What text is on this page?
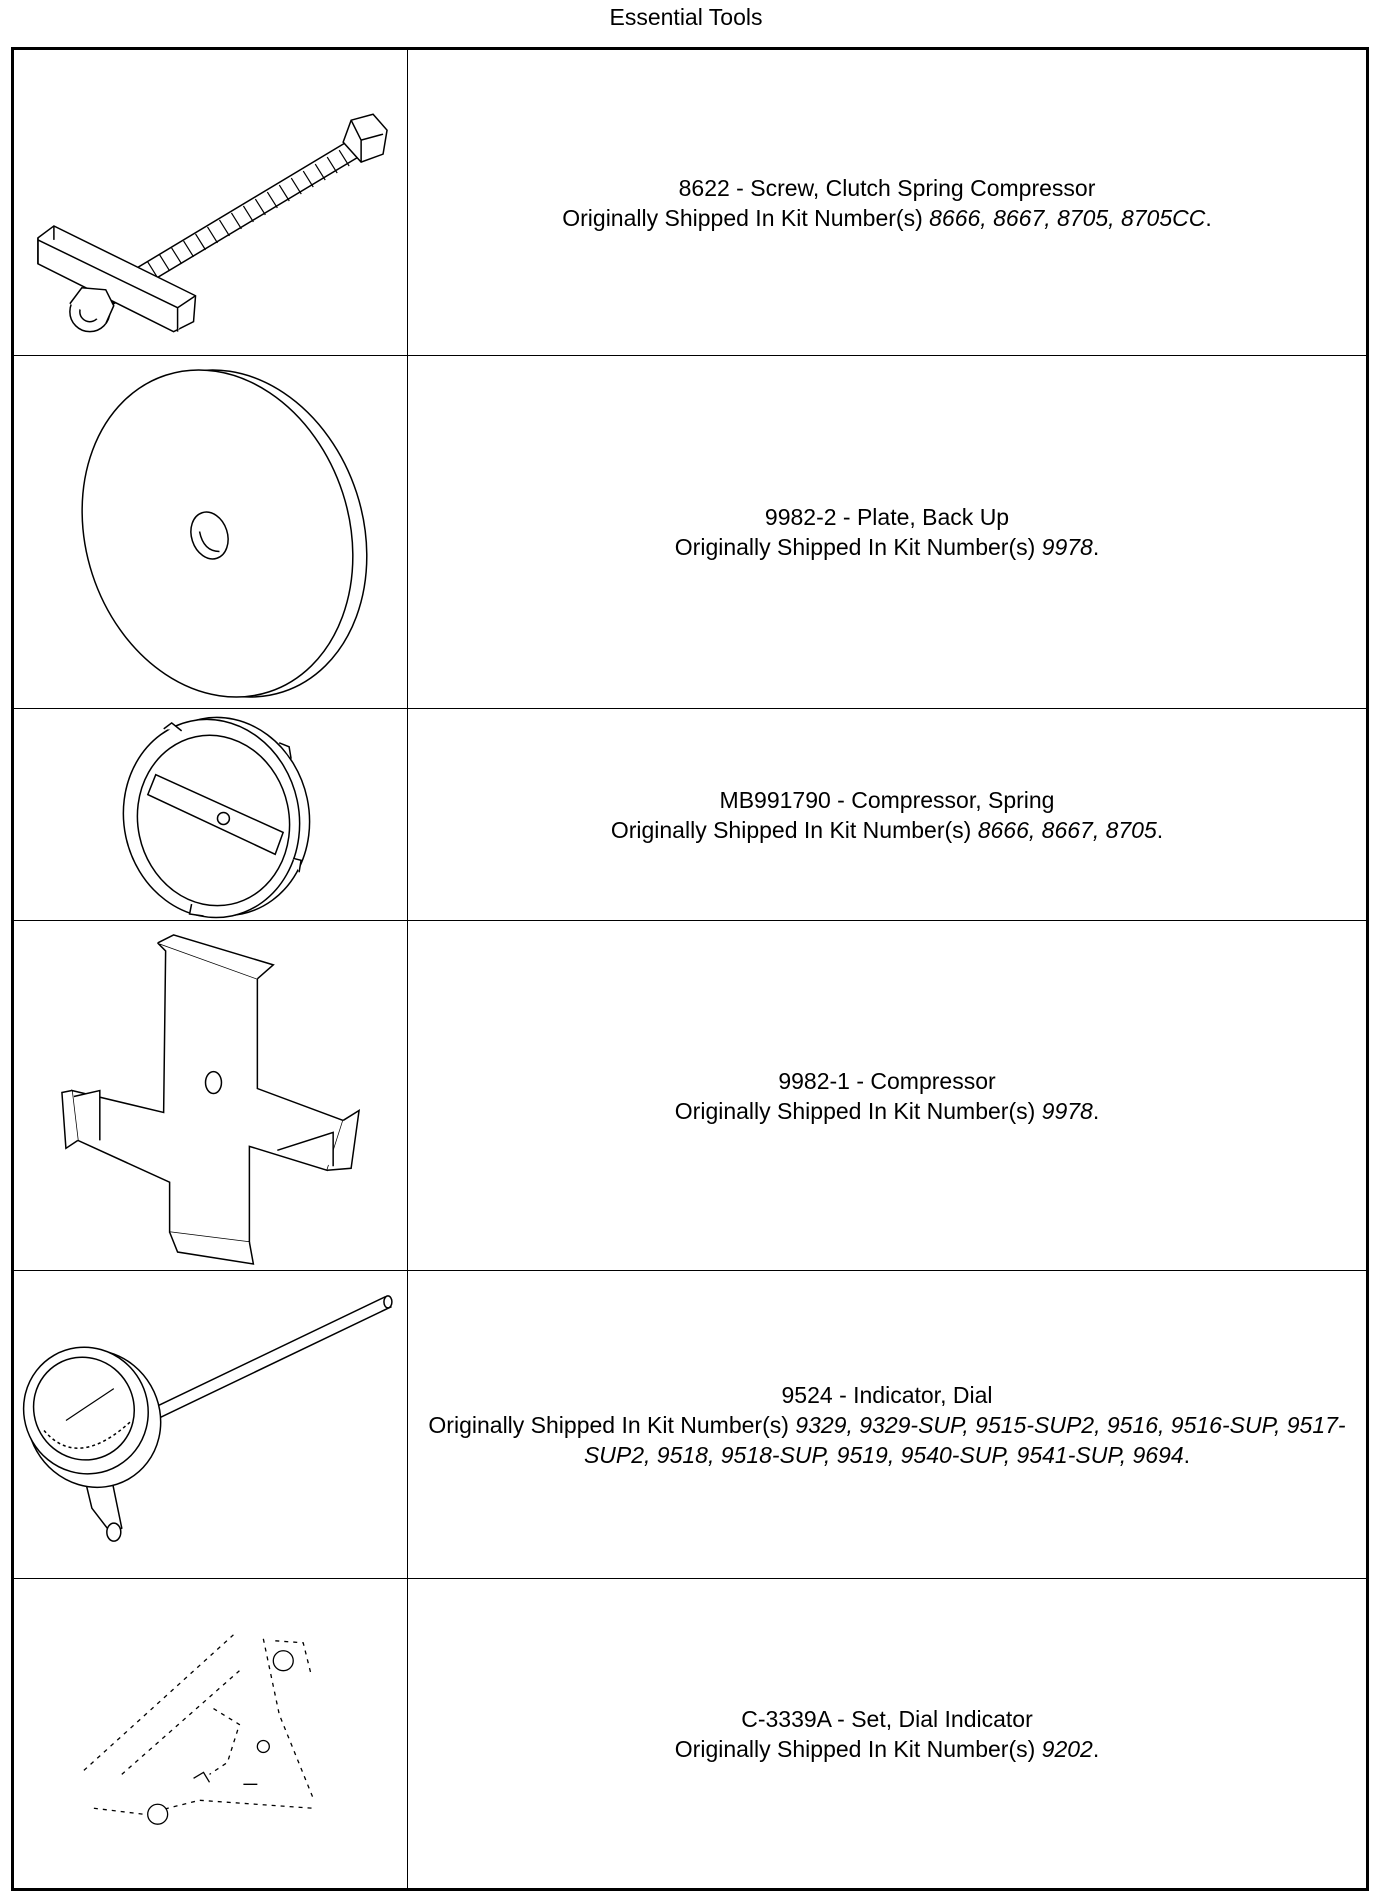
Essential Tools
8622 - Screw, Clutch Spring Compressor
Originally Shipped In Kit Number(s) 8666, 8667, 8705, 8705CC.
9982-2 - Plate, Back Up
Originally Shipped In Kit Number(s) 9978.
MB991790 - Compressor, Spring
Originally Shipped In Kit Number(s) 8666, 8667, 8705.
9982-1 - Compressor
Originally Shipped In Kit Number(s) 9978.
9524 - Indicator, Dial
Originally Shipped In Kit Number(s) 9329, 9329-SUP, 9515-SUP2, 9516, 9516-SUP, 9517-SUP2, 9518, 9518-SUP, 9519, 9540-SUP, 9541-SUP, 9694.
C-3339A - Set, Dial Indicator
Originally Shipped In Kit Number(s) 9202.
